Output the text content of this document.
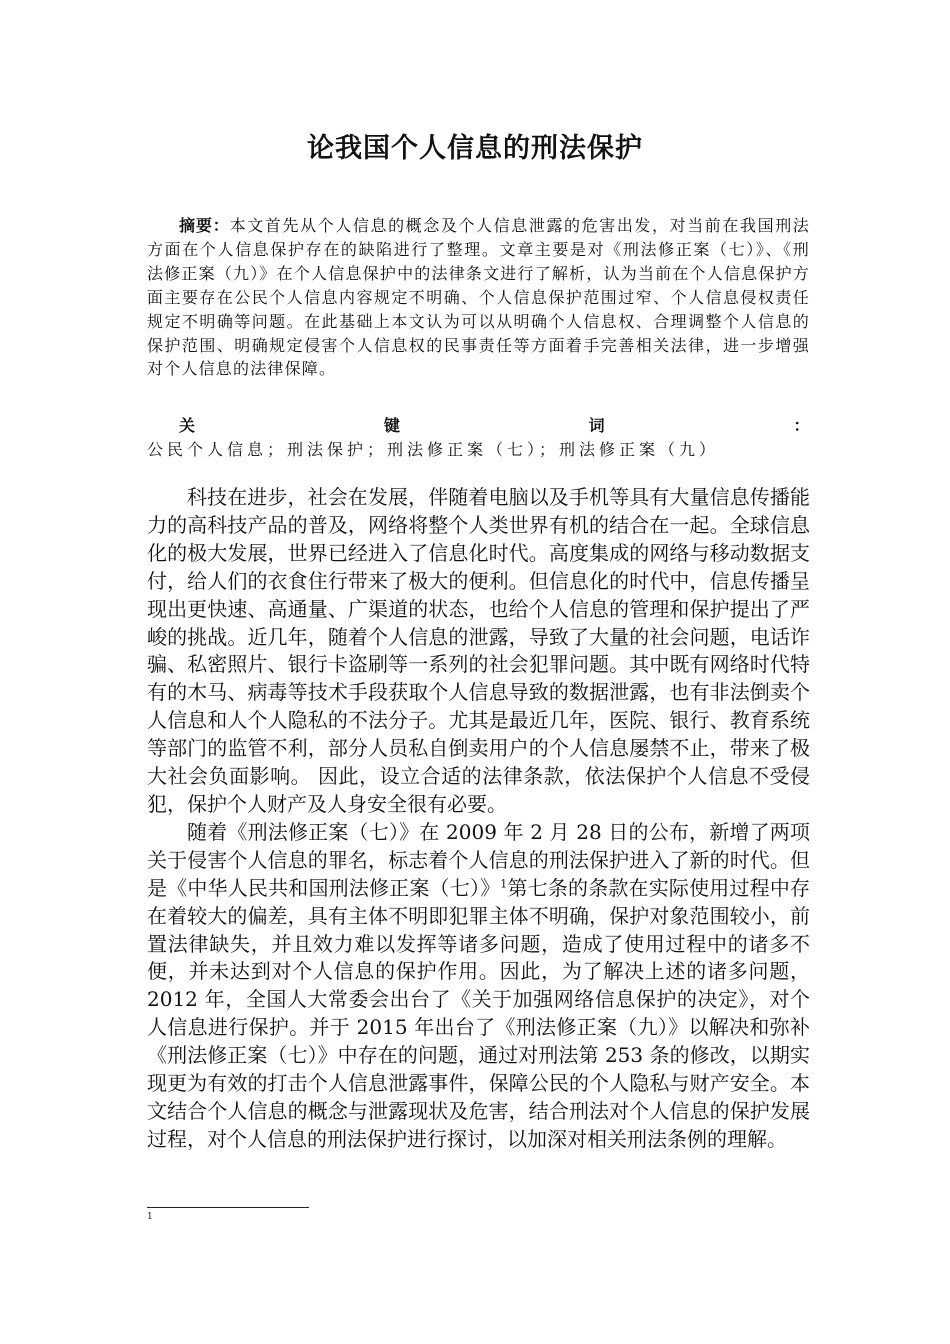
论我国个人信息的刑法保护

摘要：本文首先从个人信息的概念及个人信息泄露的危害出发，对当前在我国刑法方面在个人信息保护存在的缺陷进行了整理。文章主要是对《刑法修正案（七）》、《刑法修正案（九）》在个人信息保护中的法律条文进行了解析，认为当前在个人信息保护方面主要存在公民个人信息内容规定不明确、个人信息保护范围过窄、个人信息侵权责任规定不明确等问题。在此基础上本文认为可以从明确个人信息权、合理调整个人信息的保护范围、明确规定侵害个人信息权的民事责任等方面着手完善相关法律，进一步增强对个人信息的法律保障。

关键词：公民个人信息；刑法保护；刑法修正案（七）；刑法修正案（九）

科技在进步，社会在发展，伴随着电脑以及手机等具有大量信息传播能力的高科技产品的普及，网络将整个人类世界有机的结合在一起。全球信息化的极大发展，世界已经进入了信息化时代。高度集成的网络与移动数据支付，给人们的衣食住行带来了极大的便利。但信息化的时代中，信息传播呈现出更快速、高通量、广渠道的状态，也给个人信息的管理和保护提出了严峻的挑战。近几年，随着个人信息的泄露，导致了大量的社会问题，电话诈骗、私密照片、银行卡盗刷等一系列的社会犯罪问题。其中既有网络时代特有的木马、病毒等技术手段获取个人信息导致的数据泄露，也有非法倒卖个人信息和人个人隐私的不法分子。尤其是最近几年，医院、银行、教育系统等部门的监管不利，部分人员私自倒卖用户的个人信息屡禁不止，带来了极大社会负面影响。 因此，设立合适的法律条款，依法保护个人信息不受侵犯，保护个人财产及人身安全很有必要。

随着《刑法修正案（七）》在 2009 年 2 月 28 日的公布，新增了两项关于侵害个人信息的罪名，标志着个人信息的刑法保护进入了新的时代。但是《中华人民共和国刑法修正案（七）》$^1$第七条的条款在实际使用过程中存在着较大的偏差，具有主体不明即犯罪主体不明确，保护对象范围较小，前置法律缺失，并且效力难以发挥等诸多问题，造成了使用过程中的诸多不便，并未达到对个人信息的保护作用。因此，为了解决上述的诸多问题，2012 年，全国人大常委会出台了《关于加强网络信息保护的决定》，对个人信息进行保护。并于 2015 年出台了《刑法修正案（九）》以解决和弥补《刑法修正案（七）》中存在的问题，通过对刑法第 253 条的修改，以期实现更为有效的打击个人信息泄露事件，保障公民的个人隐私与财产安全。本文结合个人信息的概念与泄露现状及危害，结合刑法对个人信息的保护发展过程，对个人信息的刑法保护进行探讨，以加深对相关刑法条例的理解。

1
